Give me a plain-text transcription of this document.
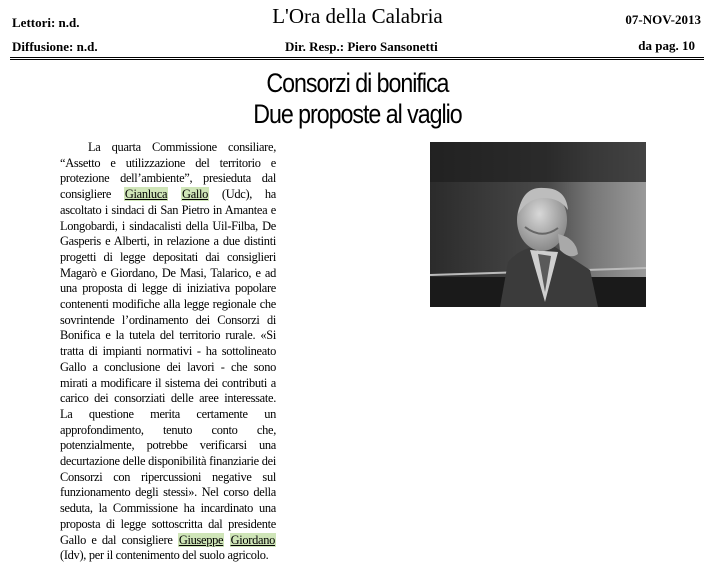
Lettori: n.d.
Diffusione: n.d.
L'Ora della Calabria
Dir. Resp.: Piero Sansonetti
07-NOV-2013
da pag. 10
Consorzi di bonifica
Due proposte al vaglio

La quarta Commissione consiliare, “Assetto e utilizzazione del territorio e protezione dell’ambiente”, presieduta dal consigliere Gianluca Gallo (Udc), ha ascoltato i sindaci di San Pietro in Amantea e Longobardi, i sindacalisti della Uil-Filba, De Gasperis e Alberti, in relazione a due distinti progetti di legge depositati dai consiglieri Magarò e Giordano, De Masi, Talarico, e ad una proposta di legge di iniziativa popolare contenenti modifiche alla legge regionale che sovrintende l’ordinamento dei Consorzi di Bonifica e la tutela del territorio rurale. «Si tratta di impianti normativi - ha sottolineato Gallo a conclusione dei lavori - che sono mirati a modificare il sistema dei contributi a carico dei consorziati delle aree interessate. La questione merita certamente un approfondimento, tenuto conto che, potenzialmente, potrebbe verificarsi una decurtazione delle disponibilità finanziarie dei Consorzi con ripercussioni negative sul funzionamento degli stessi». Nel corso della seduta, la Commissione ha incardinato una proposta di legge sottoscritta dal presidente Gallo e dal consigliere Giuseppe Giordano (Idv), per il contenimento del suolo agricolo.
